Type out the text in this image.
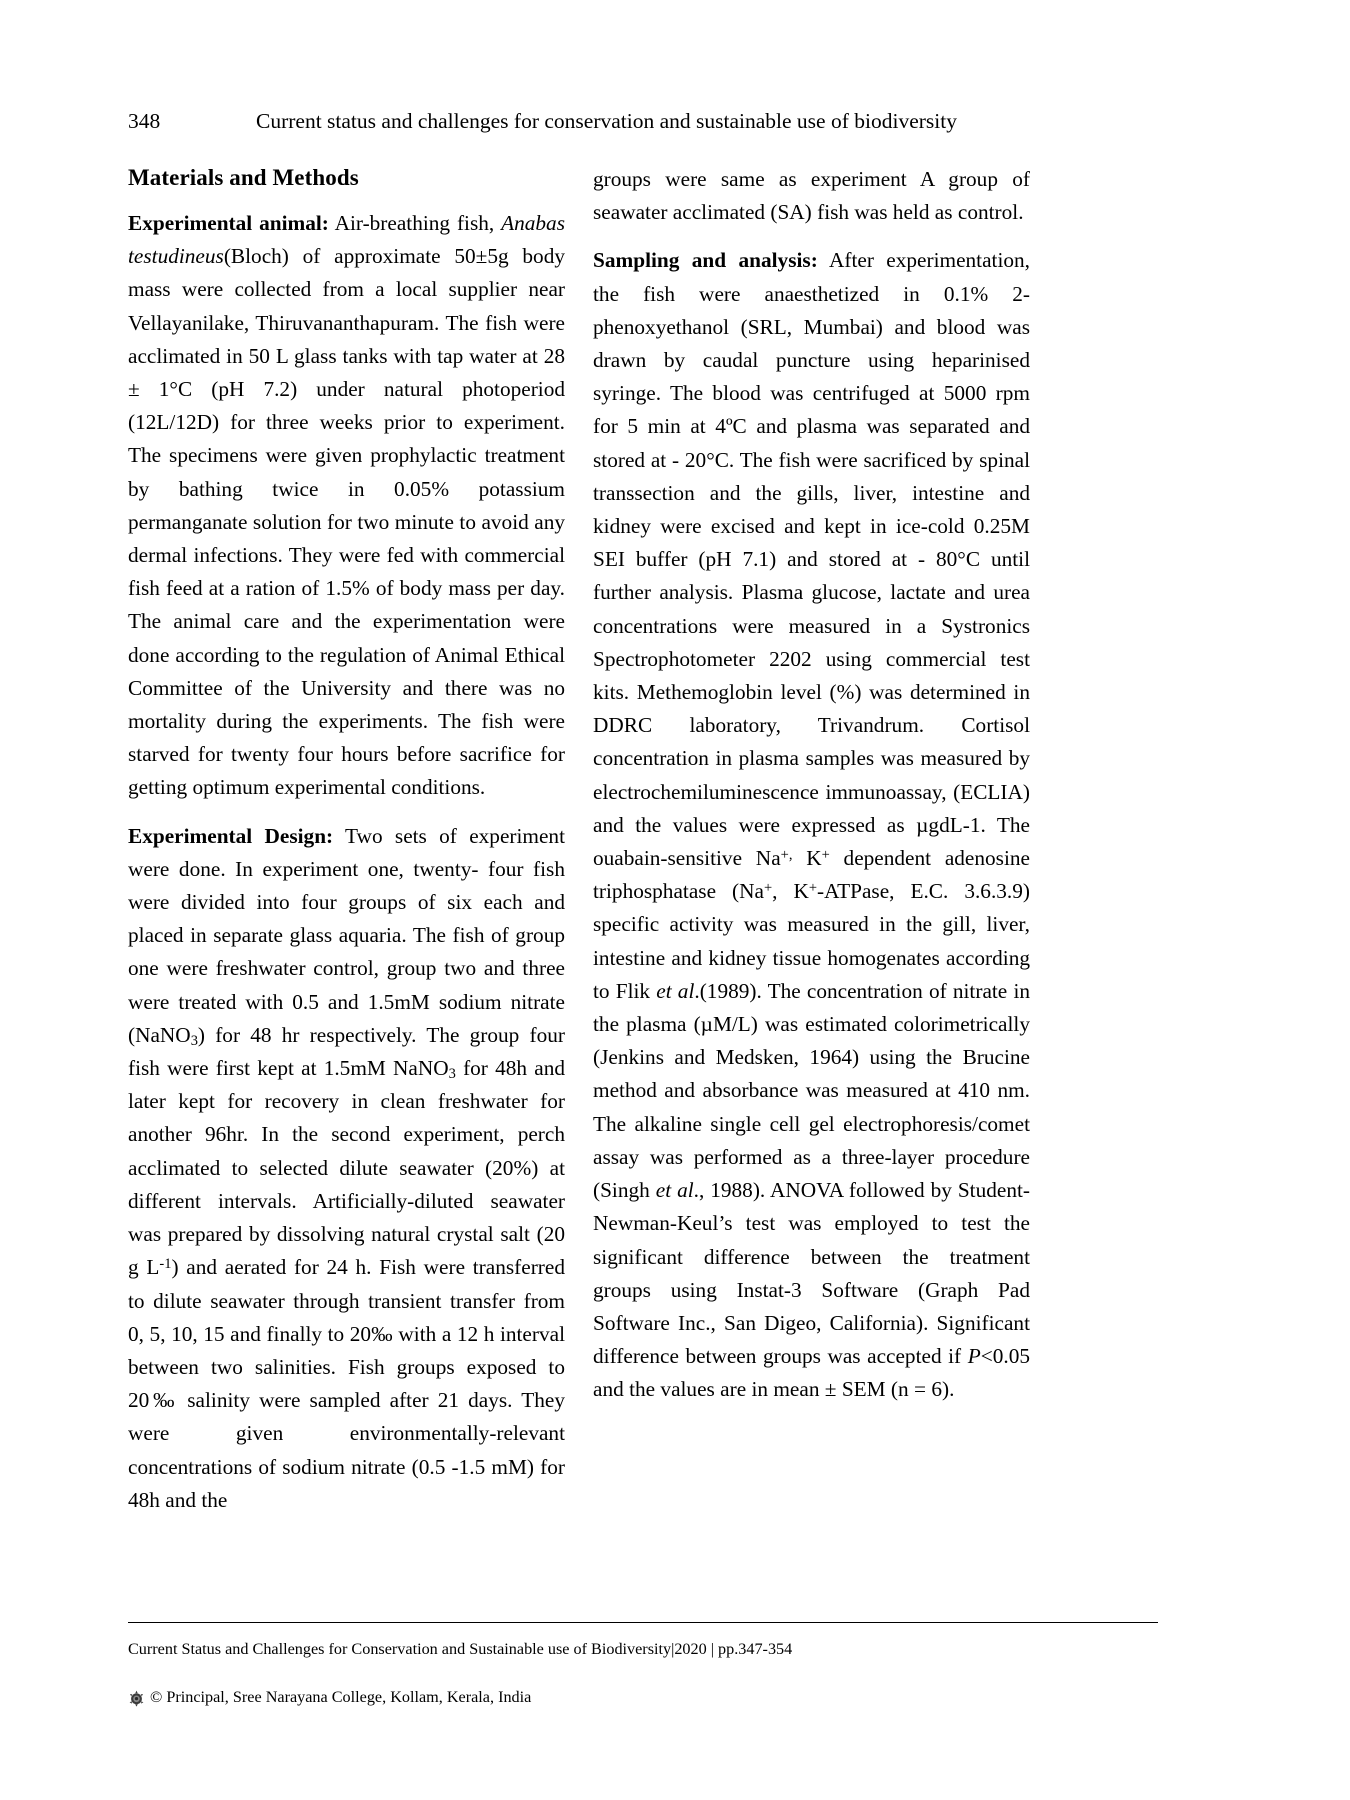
348	Current status and challenges for conservation and sustainable use of biodiversity
Materials and Methods

Experimental animal: Air-breathing fish, Anabas testudineus(Bloch) of approximate 50±5g body mass were collected from a local supplier near Vellayanilake, Thiruvananthapuram. The fish were acclimated in 50 L glass tanks with tap water at 28 ± 1°C (pH 7.2) under natural photoperiod (12L/12D) for three weeks prior to experiment. The specimens were given prophylactic treatment by bathing twice in 0.05% potassium permanganate solution for two minute to avoid any dermal infections. They were fed with commercial fish feed at a ration of 1.5% of body mass per day. The animal care and the experimentation were done according to the regulation of Animal Ethical Committee of the University and there was no mortality during the experiments. The fish were starved for twenty four hours before sacrifice for getting optimum experimental conditions.

Experimental Design: Two sets of experiment were done. In experiment one, twenty- four fish were divided into four groups of six each and placed in separate glass aquaria. The fish of group one were freshwater control, group two and three were treated with 0.5 and 1.5mM sodium nitrate (NaNO$_3$) for 48 hr respectively. The group four fish were first kept at 1.5mM NaNO$_3$ for 48h and later kept for recovery in clean freshwater for another 96hr. In the second experiment, perch acclimated to selected dilute seawater (20%) at different intervals. Artificially-diluted seawater was prepared by dissolving natural crystal salt (20 g $L^{-1}$) and aerated for 24 h. Fish were transferred to dilute seawater through transient transfer from 0, 5, 10, 15 and finally to 20‰ with a 12 h interval between two salinities. Fish groups exposed to 20‰ salinity were sampled after 21 days. They were given environmentally-relevant concentrations of sodium nitrate (0.5 -1.5 mM) for 48h and the

groups were same as experiment A group of seawater acclimated (SA) fish was held as control.

Sampling and analysis: After experimentation, the fish were anaesthetized in 0.1% 2- phenoxyethanol (SRL, Mumbai) and blood was drawn by caudal puncture using heparinised syringe. The blood was centrifuged at 5000 rpm for 5 min at 4ºC and plasma was separated and stored at - 20°C. The fish were sacrificed by spinal transsection and the gills, liver, intestine and kidney were excised and kept in ice-cold 0.25M SEI buffer (pH 7.1) and stored at - 80°C until further analysis. Plasma glucose, lactate and urea concentrations were measured in a Systronics Spectrophotometer 2202 using commercial test kits. Methemoglobin level (%) was determined in DDRC laboratory, Trivandrum. Cortisol concentration in plasma samples was measured by electrochemiluminescence immunoassay, (ECLIA) and the values were expressed as µgdL-1. The ouabain-sensitive Na+, K+ dependent adenosine triphosphatase (Na+, K+-ATPase, E.C. 3.6.3.9) specific activity was measured in the gill, liver, intestine and kidney tissue homogenates according to Flik et al.(1989). The concentration of nitrate in the plasma (µM/L) was estimated colorimetrically (Jenkins and Medsken, 1964) using the Brucine method and absorbance was measured at 410 nm. The alkaline single cell gel electrophoresis/comet assay was performed as a three-layer procedure (Singh et al., 1988). ANOVA followed by Student-Newman-Keul’s test was employed to test the significant difference between the treatment groups using Instat-3 Software (Graph Pad Software Inc., San Digeo, California). Significant difference between groups was accepted if P<0.05 and the values are in mean ± SEM (n = 6).

Current Status and Challenges for Conservation and Sustainable use of Biodiversity|2020 | pp.347-354
© Principal, Sree Narayana College, Kollam, Kerala, India
